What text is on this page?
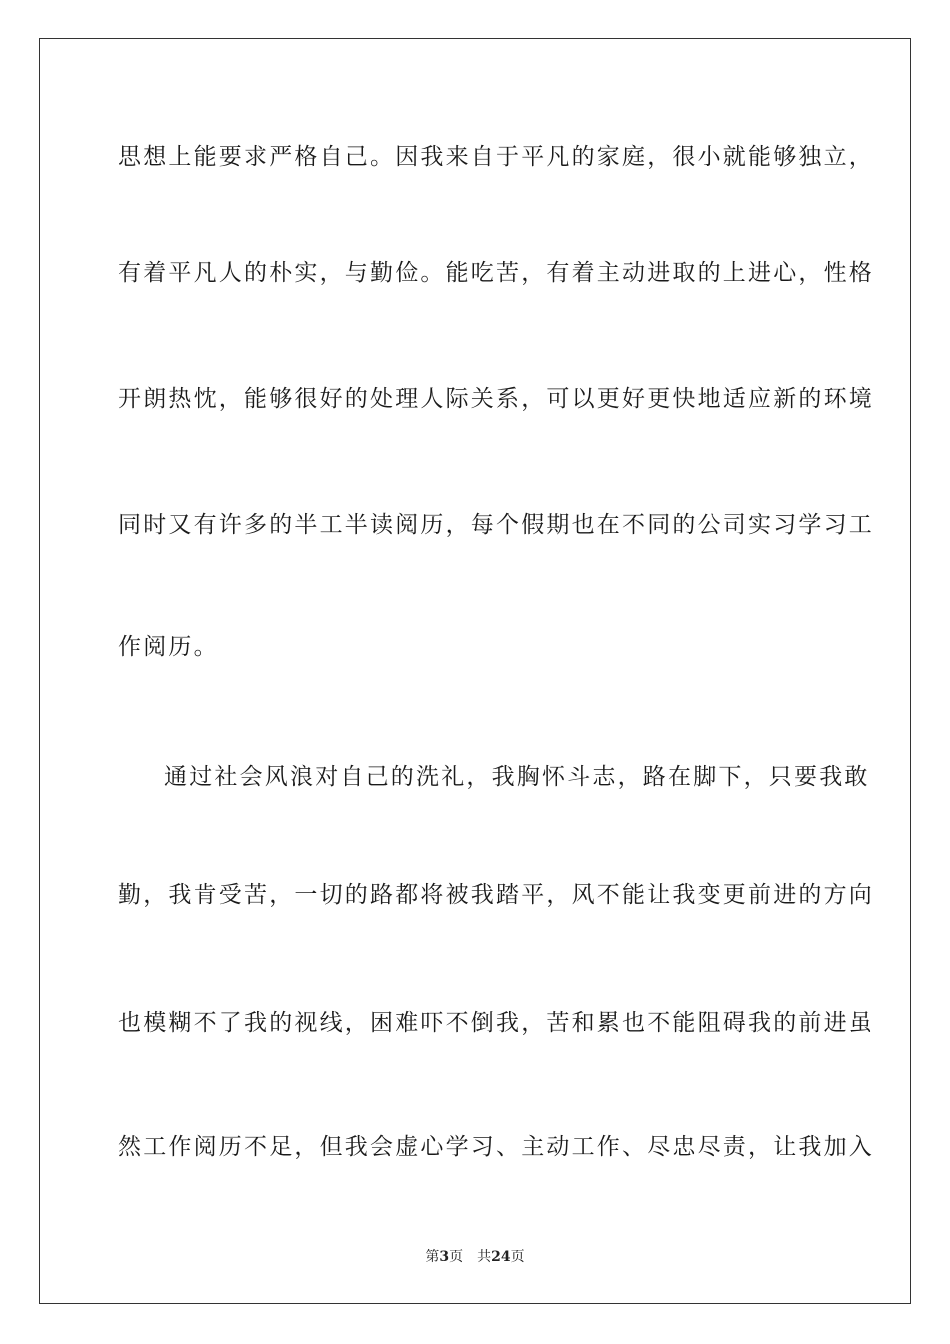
思想上能要求严格自己。因我来自于平凡的家庭，很小就能够独立，
有着平凡人的朴实，与勤俭。能吃苦，有着主动进取的上进心，性格
开朗热忱，能够很好的处理人际关系，可以更好更快地适应新的环境
同时又有许多的半工半读阅历，每个假期也在不同的公司实习学习工
作阅历。
通过社会风浪对自己的洗礼，我胸怀斗志，路在脚下，只要我敢
勤，我肯受苦，一切的路都将被我踏平，风不能让我变更前进的方向
也模糊不了我的视线，困难吓不倒我，苦和累也不能阻碍我的前进虽
然工作阅历不足，但我会虚心学习、主动工作、尽忠尽责，让我加入
第3页 共24页
